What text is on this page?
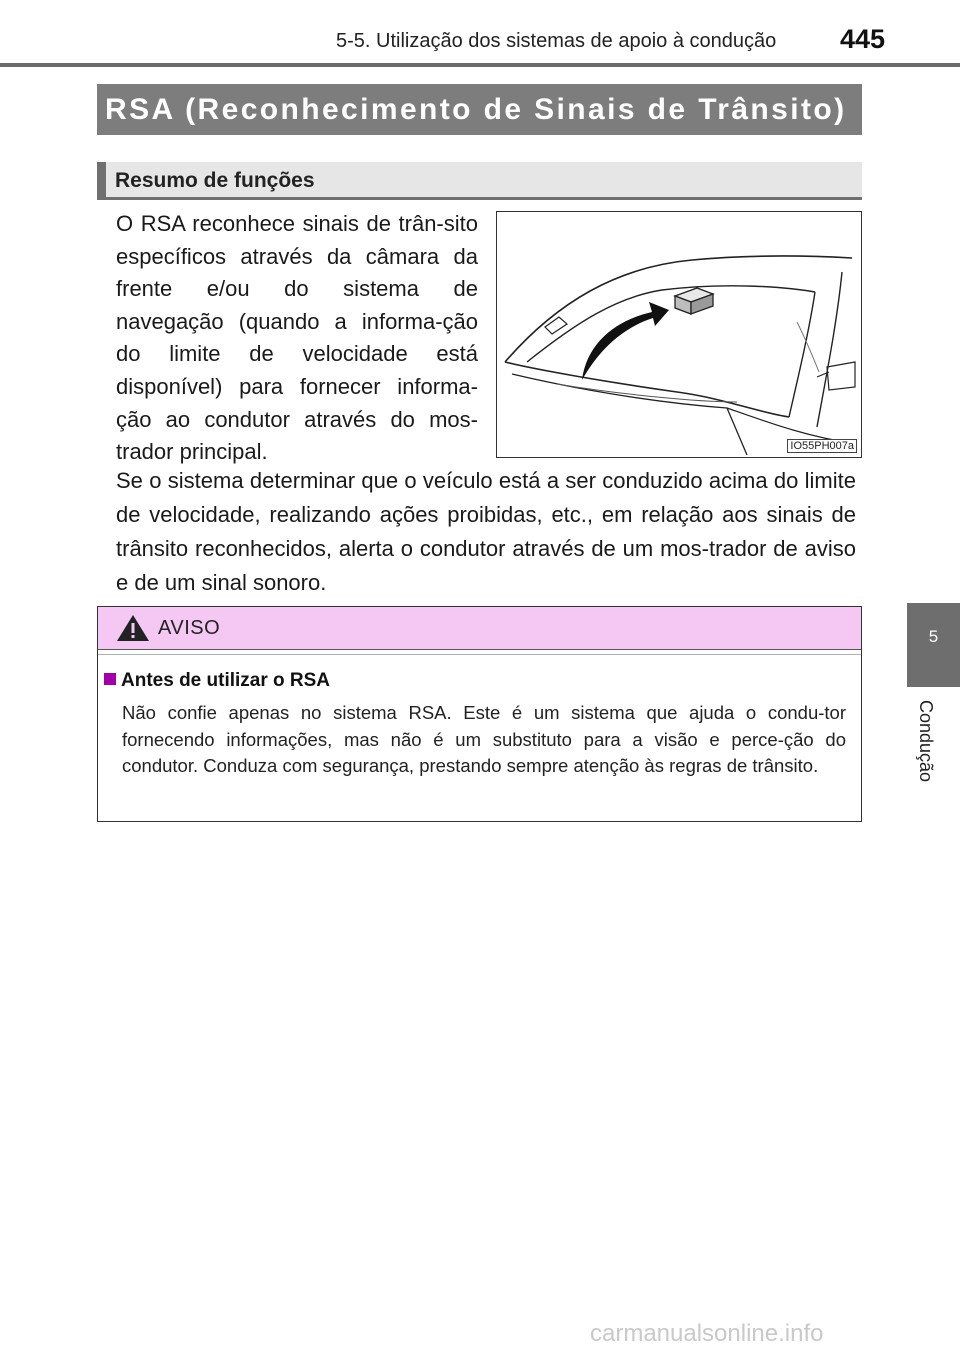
5-5. Utilização dos sistemas de apoio à condução	445
RSA (Reconhecimento de Sinais de Trânsito)
Resumo de funções

O RSA reconhece sinais de trân-sito específicos através da câmara da frente e/ou do sistema de navegação (quando a informa-ção do limite de velocidade está disponível) para fornecer informa-ção ao condutor através do mos-trador principal.	IO55PH007a

Se o sistema determinar que o veículo está a ser conduzido acima do limite de velocidade, realizando ações proibidas, etc., em relação aos sinais de trânsito reconhecidos, alerta o condutor através de um mos-trador de aviso e de um sinal sonoro.

AVISO
Antes de utilizar o RSA

Não confie apenas no sistema RSA. Este é um sistema que ajuda o condu-tor fornecendo informações, mas não é um substituto para a visão e perce-ção do condutor. Conduza com segurança, prestando sempre atenção às regras de trânsito.

5
Condução
carmanualsonline.info
